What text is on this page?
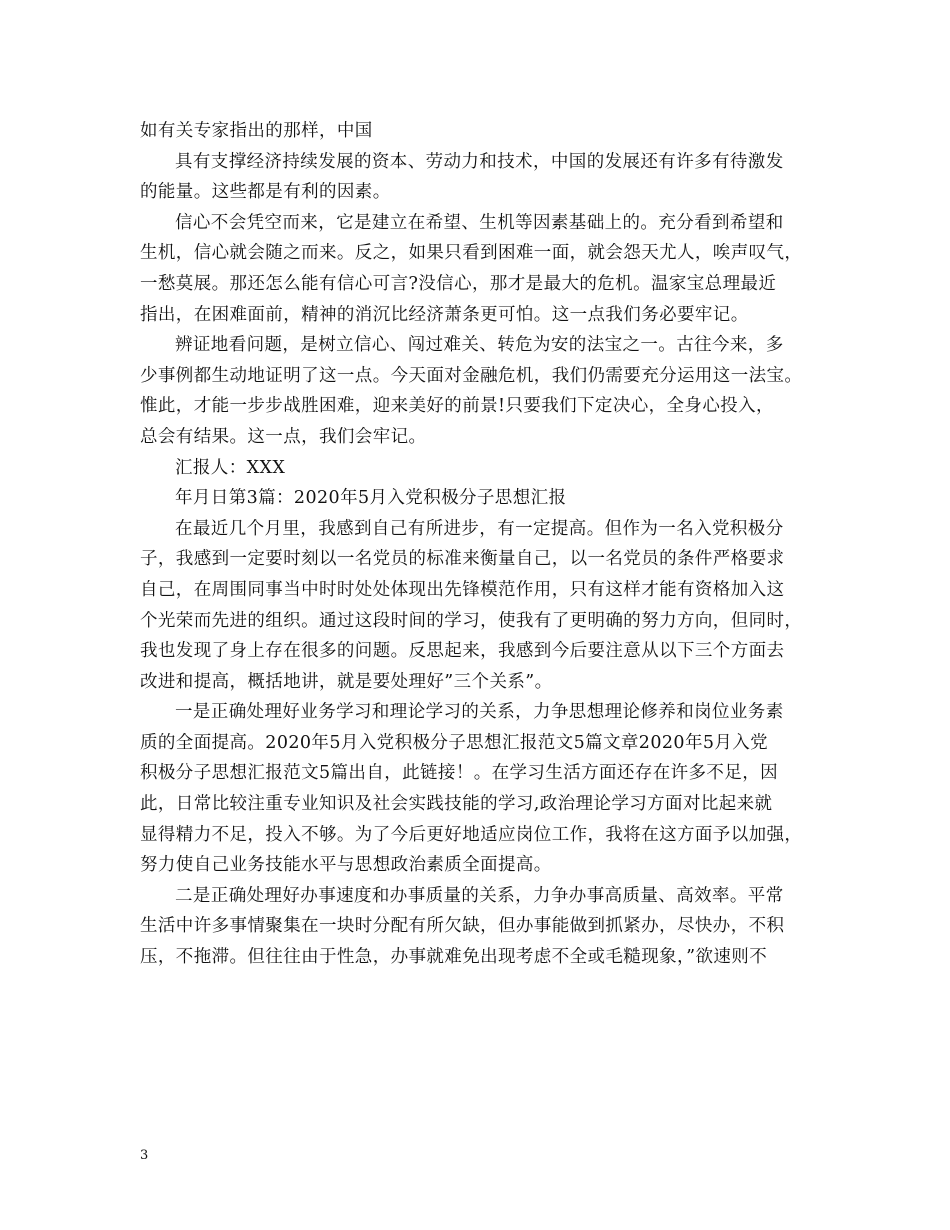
如有关专家指出的那样，中国

具有支撑经济持续发展的资本、劳动力和技术，中国的发展还有许多有待激发
的能量。这些都是有利的因素。

信心不会凭空而来，它是建立在希望、生机等因素基础上的。充分看到希望和
生机，信心就会随之而来。反之，如果只看到困难一面，就会怨天尤人，唉声叹气，
一愁莫展。那还怎么能有信心可言?没信心，那才是最大的危机。温家宝总理最近
指出，在困难面前，精神的消沉比经济萧条更可怕。这一点我们务必要牢记。

辨证地看问题，是树立信心、闯过难关、转危为安的法宝之一。古往今来，多
少事例都生动地证明了这一点。今天面对金融危机，我们仍需要充分运用这一法宝。
惟此，才能一步步战胜困难，迎来美好的前景!只要我们下定决心，全身心投入，
总会有结果。这一点，我们会牢记。

汇报人：XXX

年月日第3篇：2020年5月入党积极分子思想汇报

在最近几个月里，我感到自己有所进步，有一定提高。但作为一名入党积极分
子，我感到一定要时刻以一名党员的标准来衡量自己，以一名党员的条件严格要求
自己，在周围同事当中时时处处体现出先锋模范作用，只有这样才能有资格加入这
个光荣而先进的组织。通过这段时间的学习，使我有了更明确的努力方向，但同时，
我也发现了身上存在很多的问题。反思起来，我感到今后要注意从以下三个方面去
改进和提高，概括地讲，就是要处理好”三个关系”。

一是正确处理好业务学习和理论学习的关系，力争思想理论修养和岗位业务素
质的全面提高。2020年5月入党积极分子思想汇报范文5篇文章2020年5月入党
积极分子思想汇报范文5篇出自，此链接！。在学习生活方面还存在许多不足，因
此，日常比较注重专业知识及社会实践技能的学习,政治理论学习方面对比起来就
显得精力不足，投入不够。为了今后更好地适应岗位工作，我将在这方面予以加强，
努力使自己业务技能水平与思想政治素质全面提高。

二是正确处理好办事速度和办事质量的关系，力争办事高质量、高效率。平常
生活中许多事情聚集在一块时分配有所欠缺，但办事能做到抓紧办，尽快办，不积
压，不拖滞。但往往由于性急，办事就难免出现考虑不全或毛糙现象，”欲速则不

3
